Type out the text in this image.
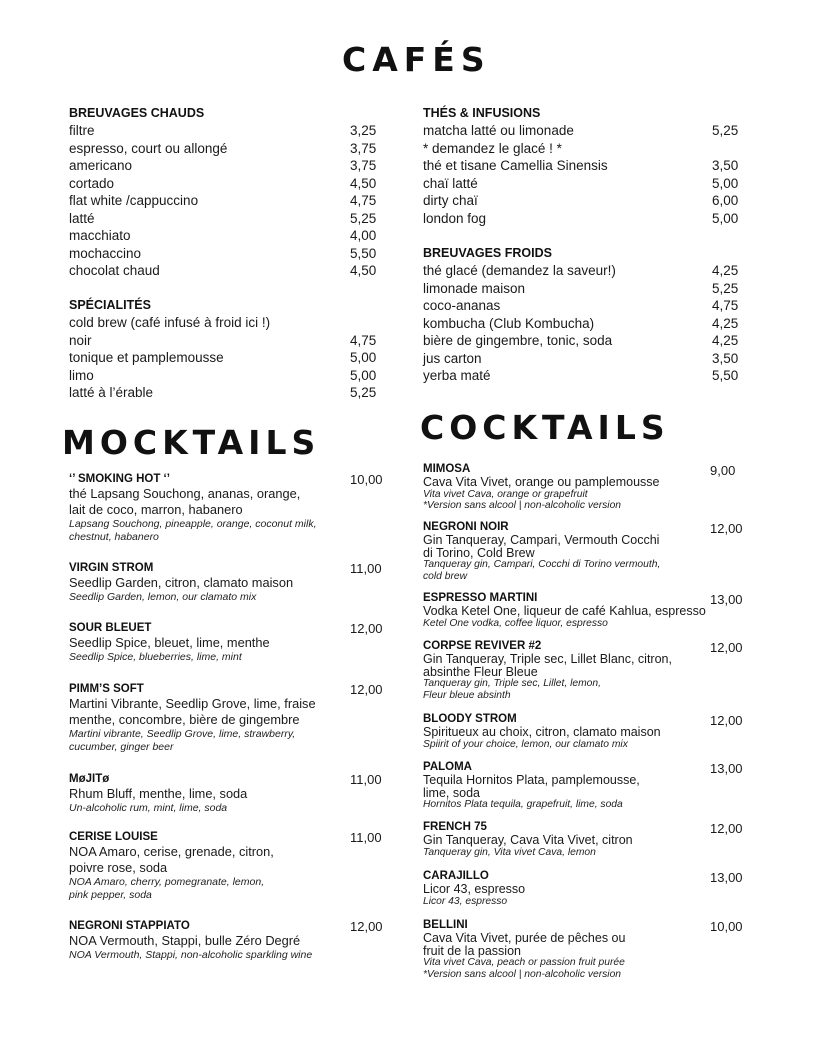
CAFÉS
MOCKTAILS	COCKTAILS
BREUVAGES CHAUDS
filtre	3,25
espresso, court ou allongé	3,75
americano	3,75
cortado	4,50
flat white /cappuccino	4,75
latté	5,25
macchiato	4,00
mochaccino	5,50
chocolat chaud	4,50
SPÉCIALITÉS
cold brew (café infusé à froid ici !)
noir	4,75
tonique et pamplemousse	5,00
limo	5,00
latté à l’érable	5,25
THÉS & INFUSIONS
matcha latté ou limonade	5,25
* demandez le glacé ! *
thé et tisane Camellia Sinensis	3,50
chaï latté	5,00
dirty chaï	6,00
london fog	5,00
BREUVAGES FROIDS
thé glacé (demandez la saveur!)	4,25
limonade maison	5,25
coco-ananas	4,75
kombucha (Club Kombucha)	4,25
bière de gingembre, tonic, soda	4,25
jus carton	3,50
yerba maté	5,50
‘’ SMOKING HOT ‘’	10,00
thé Lapsang Souchong, ananas, orange,
lait de coco, marron, habanero
Lapsang Souchong, pineapple, orange, coconut milk,
chestnut, habanero
VIRGIN STROM	11,00
Seedlip Garden, citron, clamato maison
Seedlip Garden, lemon, our clamato mix
SOUR BLEUET	12,00
Seedlip Spice, bleuet, lime, menthe
Seedlip Spice, blueberries, lime, mint
PIMM’S SOFT	12,00
Martini Vibrante, Seedlip Grove, lime, fraise
menthe, concombre, bière de gingembre
Martini vibrante, Seedlip Grove, lime, strawberry,
cucumber, ginger beer
MøJITø	11,00
Rhum Bluff, menthe, lime, soda
Un-alcoholic rum, mint, lime, soda
CERISE LOUISE	11,00
NOA Amaro, cerise, grenade, citron,
poivre rose, soda
NOA Amaro, cherry, pomegranate, lemon,
pink pepper, soda
NEGRONI STAPPIATO	12,00
NOA Vermouth, Stappi, bulle Zéro Degré
NOA Vermouth, Stappi, non-alcoholic sparkling wine
MIMOSA	9,00
Cava Vita Vivet, orange ou pamplemousse
Vita vivet Cava, orange or grapefruit
*Version sans alcool | non-alcoholic version
NEGRONI NOIR	12,00
Gin Tanqueray, Campari, Vermouth Cocchi
di Torino, Cold Brew
Tanqueray gin, Campari, Cocchi di Torino vermouth,
cold brew
ESPRESSO MARTINI	13,00
Vodka Ketel One, liqueur de café Kahlua, espresso
Ketel One vodka, coffee liquor, espresso
CORPSE REVIVER #2	12,00
Gin Tanqueray, Triple sec, Lillet Blanc, citron,
absinthe Fleur Bleue
Tanqueray gin, Triple sec, Lillet, lemon,
Fleur bleue absinth
BLOODY STROM	12,00
Spiritueux au choix, citron, clamato maison
Spiirit of your choice, lemon, our clamato mix
PALOMA	13,00
Tequila Hornitos Plata, pamplemousse,
lime, soda
Hornitos Plata tequila, grapefruit, lime, soda
FRENCH 75	12,00
Gin Tanqueray, Cava Vita Vivet, citron
Tanqueray gin, Vita vivet Cava, lemon
CARAJILLO	13,00
Licor 43, espresso
Licor 43, espresso
BELLINI	10,00
Cava Vita Vivet, purée de pêches ou
fruit de la passion
Vita vivet Cava, peach or passion fruit purée
*Version sans alcool | non-alcoholic version
